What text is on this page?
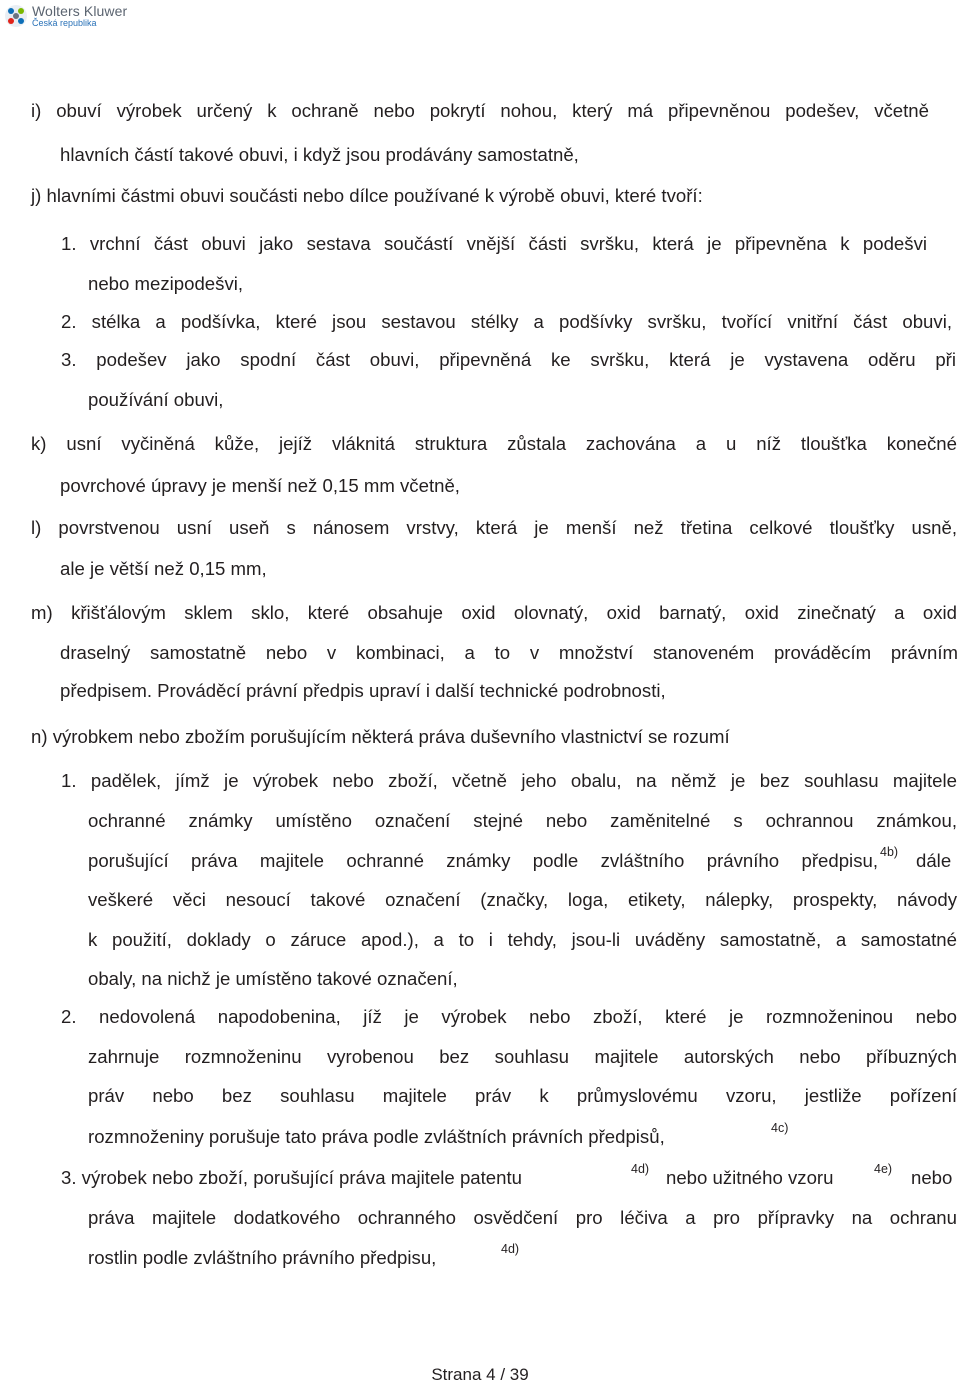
Wolters Kluwer
Česká republika

i) obuví výrobek určený k ochraně nebo pokrytí nohou, který má připevněnou podešev, včetně

hlavních částí takové obuvi, i když jsou prodávány samostatně,

j) hlavními částmi obuvi součásti nebo dílce používané k výrobě obuvi, které tvoří:

1. vrchní část obuvi jako sestava součástí vnější části svršku, která je připevněna k podešvi

nebo mezipodešvi,

2. stélka a podšívka, které jsou sestavou stélky a podšívky svršku, tvořící vnitřní část obuvi,

3. podešev jako spodní část obuvi, připevněná ke svršku, která je vystavena oděru při

používání obuvi,

k) usní vyčiněná kůže, jejíž vláknitá struktura zůstala zachována a u níž tloušťka konečné

povrchové úpravy je menší než 0,15 mm včetně,

l) povrstvenou usní useň s nánosem vrstvy, která je menší než třetina celkové tloušťky usně,

ale je větší než 0,15 mm,

m) křišťálovým sklem sklo, které obsahuje oxid olovnatý, oxid barnatý, oxid zinečnatý a oxid

draselný samostatně nebo v kombinaci, a to v množství stanoveném prováděcím právním

předpisem. Prováděcí právní předpis upraví i další technické podrobnosti,

n) výrobkem nebo zbožím porušujícím některá práva duševního vlastnictví se rozumí

1. padělek, jímž je výrobek nebo zboží, včetně jeho obalu, na němž je bez souhlasu majitele

ochranné známky umístěno označení stejné nebo zaměnitelné s ochrannou známkou,

porušující práva majitele ochranné známky podle zvláštního právního předpisu, 4b) dále

veškeré věci nesoucí takové označení (značky, loga, etikety, nálepky, prospekty, návody

k použití, doklady o záruce apod.), a to i tehdy, jsou-li uváděny samostatně, a samostatné

obaly, na nichž je umístěno takové označení,

2. nedovolená napodobenina, jíž je výrobek nebo zboží, které je rozmnoženinou nebo

zahrnuje rozmnoženinu vyrobenou bez souhlasu majitele autorských nebo příbuzných

práv nebo bez souhlasu majitele práv k průmyslovému vzoru, jestliže pořízení

rozmnoženiny porušuje tato práva podle zvláštních právních předpisů,	4c)

3. výrobek nebo zboží, porušující práva majitele patentu	4d) nebo užitného vzoru	4e) nebo

práva majitele dodatkového ochranného osvědčení pro léčiva a pro přípravky na ochranu

rostlin podle zvláštního právního předpisu,	4d)
Strana 4 / 39
